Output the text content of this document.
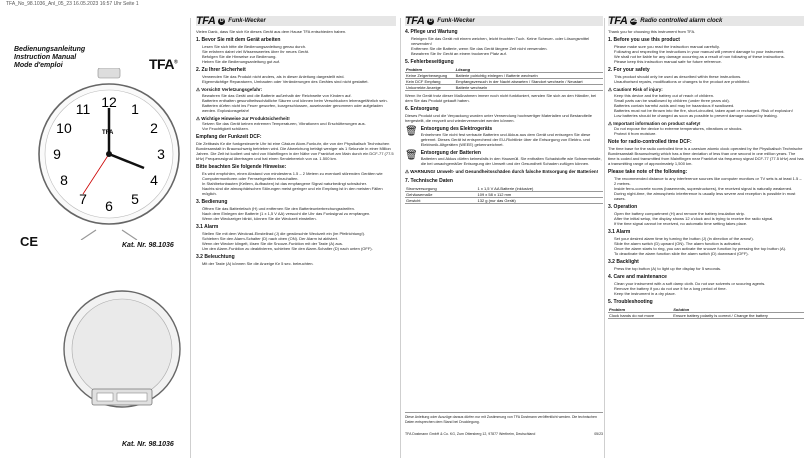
TFA_No_98.1036_Anl_05_23 16.05.2023 16:57 Uhr Seite 1
Bedienungsanleitung
Instruction Manual
Mode d'emploi	TFA®
12 1
2
3
4
5
6
7
8
9
10
11
TFA
CE	Kat. Nr. 98.1036
Kat. Nr. 98.1036
TFA D Funk-Wecker
Vielen Dank, dass Sie sich für dieses Gerät aus dem Hause TFA entschieden haben.
1. Bevor Sie mit dem Gerät arbeiten
• Lesen Sie sich bitte die Bedienungsanleitung genau durch.
• Sie erfahren dabei viel Wissenswertes über Ihr neues Gerät.
• Befolgen Sie die Hinweise zur Bedienung.
• Heben Sie die Bedienungsanleitung gut auf.
2. Zu Ihrer Sicherheit
• Verwenden Sie das Produkt nicht anders, als in dieser Anleitung dargestellt wird.
• Eigenmächtige Reparaturen, Umbauten oder Veränderungen des Gerätes sind nicht gestattet.
⚠ Vorsicht! Verletzungsgefahr:
• Bewahren Sie das Gerät und die Batterie außerhalb der Reichweite von Kindern auf.
• Batterien enthalten gesundheitsschädliche Säuren und können beim Verschlucken lebensgefährlich sein.
• Batterien dürfen nicht ins Feuer geworfen, kurzgeschlossen, auseinander genommen oder aufgeladen werden. Explosionsgefahr!
⚠ Wichtige Hinweise zur Produktsicherheit!
• Setzen Sie das Gerät keinen extremen Temperaturen, Vibrationen und Erschütterungen aus.
• Vor Feuchtigkeit schützen.
Empfang der Funkzeit DCF:
Die Zeitbasis für die funkgesteuerte Uhr ist eine Cäsium Atom-Funkuhr, die von der Physikalisch Technischen Bundesanstalt in Braunschweig betrieben wird. Die Abweichung beträgt weniger als 1 Sekunde in einer Million Jahren. Die Zeit ist kodiert und wird von Mainflingen in der Nähe von Frankfurt am Main durch ein DCF-77 (77.5 kHz) Frequenzsignal übertragen und hat einen Sendebereich von ca. 1.500 km.
Bitte beachten Sie folgende Hinweise:
• Es wird empfohlen, einen Abstand von mindestens 1.5 – 2 Metern zu eventuell störenden Geräten wie Computermonitoren oder Fernsehgeräten einzuhalten.
• In Stahlbetonbauten (Kellern, Aufbauten) ist das empfangene Signal naturbedingt schwächer.
• Nachts sind die atmosphärischen Störungen meist geringer und ein Empfang ist in den meisten Fällen möglich.
3. Bedienung
• Öffnen Sie das Batteriefach (H) und entfernen Sie den Batterieunterbrechungsstreifen.
• Nach dem Einlegen der Batterie (1 x 1,5 V AA) versucht die Uhr das Funksignal zu empfangen.
• Wenn der Weckzeiger blinkt, können Sie die Weckzeit einstellen.
3.1 Alarm
• Stellen Sie mit dem Weckrad-Einstellrad (J) die gewünschte Weckzeit ein (im Pfeilrichtung!).
• Schieben Sie den Alarm-Schalter (D) nach oben (ON). Der Alarm ist aktiviert.
• Wenn der Wecker klingelt, lösen Sie die Snooze-Funktion mit der Taste (A) aus.
• Um den Alarm-Funktion zu deaktivieren, schieben Sie den Alarm-Schalter (D) nach unten (OFF).
3.2 Beleuchtung
• Mit der Taste (A) können Sie die Anzeige für 5 sec. beleuchten.
TFA D Funk-Wecker
4. Pflege und Wartung
• Reinigen Sie das Gerät mit einem weichen, leicht feuchten Tuch. Keine Scheuer- oder Lösungsmittel verwenden!
• Entfernen Sie die Batterie, wenn Sie das Gerät längere Zeit nicht verwenden.
• Bewahren Sie Ihr Gerät an einem trockenen Platz auf.
5. Fehlerbeseitigung
Problem	Lösung
Keine Zeigerbewegung	Batterie polrichtig einlegen / Batterie wechseln
Kein DCF Empfang	Empfangsversuch in der Nacht abwarten / Standort wechseln / Neustart
Unkorrekte Anzeige	Batterie wechseln
Wenn Ihr Gerät trotz dieser Maßnahmen immer noch nicht funktioniert, wenden Sie sich an den Händler, bei dem Sie das Produkt gekauft haben.
6. Entsorgung
Dieses Produkt und die Verpackung wurden unter Verwendung hochwertiger Materialien und Bestandteile hergestellt, die recycelt und wiederverwendet werden können.
🗑 Entsorgung des Elektrogeräts
Entnehmen Sie nicht fest verbaute Batterien und Akkus aus dem Gerät und entsorgen Sie diese getrennt. Dieses Gerät ist entsprechend der EU-Richtlinie über die Entsorgung von Elektro- und Elektronik-Altgeräten (WEEE) gekennzeichnet.
🗑 Entsorgung der Batterien
Batterien und Akkus dürfen keinesfalls in den Hausmüll. Sie enthalten Schadstoffe wie Schwermetalle, die bei unsachgemäßer Entsorgung der Umwelt und der Gesundheit Schaden zufügen können.
⚠ WARNUNG! Umwelt- und Gesundheitsschäden durch falsche Entsorgung der Batterien!
7. Technische Daten
Stromversorgung	1 x 1,5 V AA Batterie (inklusive)
Gehäusemaße	109 x 58 x 112 mm
Gewicht	132 g (nur das Gerät)
Diese Anleitung oder Auszüge daraus dürfen nur mit Zustimmung von TFA Dostmann veröffentlicht werden. Die technischen Daten entsprechen dem Stand bei Drucklegung.
TFA Dostmann GmbH & Co. KG, Zum Ottersberg 12, 97877 Wertheim, Deutschland	05/23
TFA GB Radio controlled alarm clock
Thank you for choosing this instrument from TFA.
1. Before you use this product
• Please make sure you read the instruction manual carefully.
• Following and respecting the instructions in your manual will prevent damage to your instrument.
• We shall not be liable for any damage occurring as a result of non following of these instructions.
• Please keep this instruction manual safe for future reference.
2. For your safety
• This product should only be used as described within these instructions.
• Unauthorised repairs, modifications or changes to the product are prohibited.
⚠ Caution! Risk of injury:
• Keep this device and the battery out of reach of children.
• Small parts can be swallowed by children (under three years old).
• Batteries contain harmful acids and may be hazardous if swallowed.
• Batteries must not be thrown into the fire, short-circuited, taken apart or recharged. Risk of explosion!
• Low batteries should be changed as soon as possible to prevent damage caused by leaking.
⚠ Important information on product safety!
• Do not expose the device to extreme temperatures, vibrations or shocks.
• Protect it from moisture.
Note for radio-controlled time DCF:
The time base for the radio controlled time is a caesium atomic clock operated by the Physikalisch Technische Bundesanstalt Braunschweig which has a time deviation of less than one second in one million years. The time is coded and transmitted from Mainflingen near Frankfurt via frequency signal DCF-77 (77.5 kHz) and has a transmitting range of approximately 1,500 km.
Please take note of the following:
• The recommended distance to any interference sources like computer monitors or TV sets is at least 1.5 – 2 metres.
• Inside ferro-concrete rooms (basements, superstructures), the received signal is naturally weakened.
• During night-time, the atmospheric interference is usually less severe and reception is possible in most cases.
3. Operation
• Open the battery compartment (H) and remove the battery insulation strip.
• After the initial setup, the display shows 12 o'clock and is trying to receive the radio signal.
• If the time signal cannot be received, no automatic time setting takes place.
3.1 Alarm
• Set your desired alarm time by turning the button (J) (in direction of the arrow!).
• Slide the alarm switch (D) upward (ON). The alarm function is activated.
• Once the alarm starts to ring, you can activate the snooze function by pressing the top button (A).
• To deactivate the alarm function slide the alarm switch (D) downward (OFF).
3.2 Backlight
• Press the top button (A) to light up the display for 5 seconds.
4. Care and maintenance
• Clean your instrument with a soft damp cloth. Do not use solvents or scouring agents.
• Remove the battery if you do not use it for a long period of time.
• Keep the instrument in a dry place.
5. Troubleshooting
Problem	Solution
Clock hands do not move	Ensure battery polarity is correct / Change the battery
